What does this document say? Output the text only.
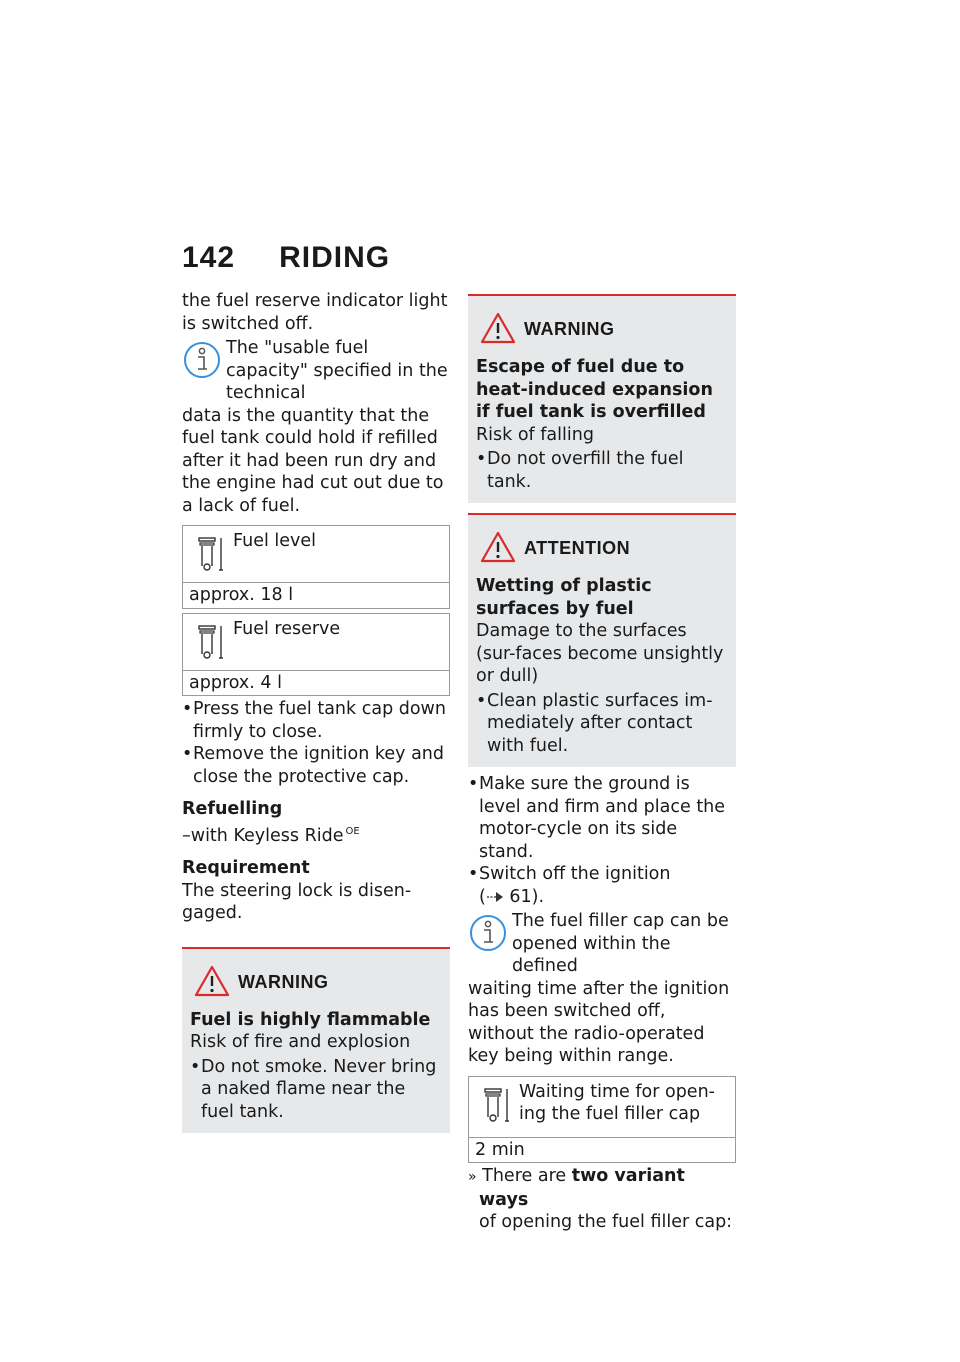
142 RIDING

the fuel reserve indicator light is switched off.

The "usable fuel capacity" specified in the technical
data is the quantity that the fuel tank could hold if refilled after it had been run dry and the engine had cut out due to a lack of fuel.
Fuel level
approx. 18 l
Fuel reserve
approx. 4 l
• Press the fuel tank cap down firmly to close.
• Remove the ignition key and close the protective cap.

Refuelling

–with Keyless Ride $^{OE}$

Requirement

The steering lock is disen-gaged.

WARNING

Fuel is highly flammable

Risk of fire and explosion

• Do not smoke. Never bring a naked flame near the fuel tank.
WARNING

Escape of fuel due to heat-induced expansion if fuel tank is overfilled

Risk of falling

• Do not overfill the fuel tank.
ATTENTION

Wetting of plastic surfaces by fuel

Damage to the surfaces (sur-faces become unsightly or dull)

• Clean plastic surfaces im-mediately after contact with fuel.
• Make sure the ground is level and firm and place the motor-cycle on its side stand.
• Switch off the ignition
( 61).
The fuel filler cap can be opened within the defined
waiting time after the ignition has been switched off, without the radio-operated key being within range.
Waiting time for open-ing the fuel filler cap
2 min

» There are two variant ways
of opening the fuel filler cap:
